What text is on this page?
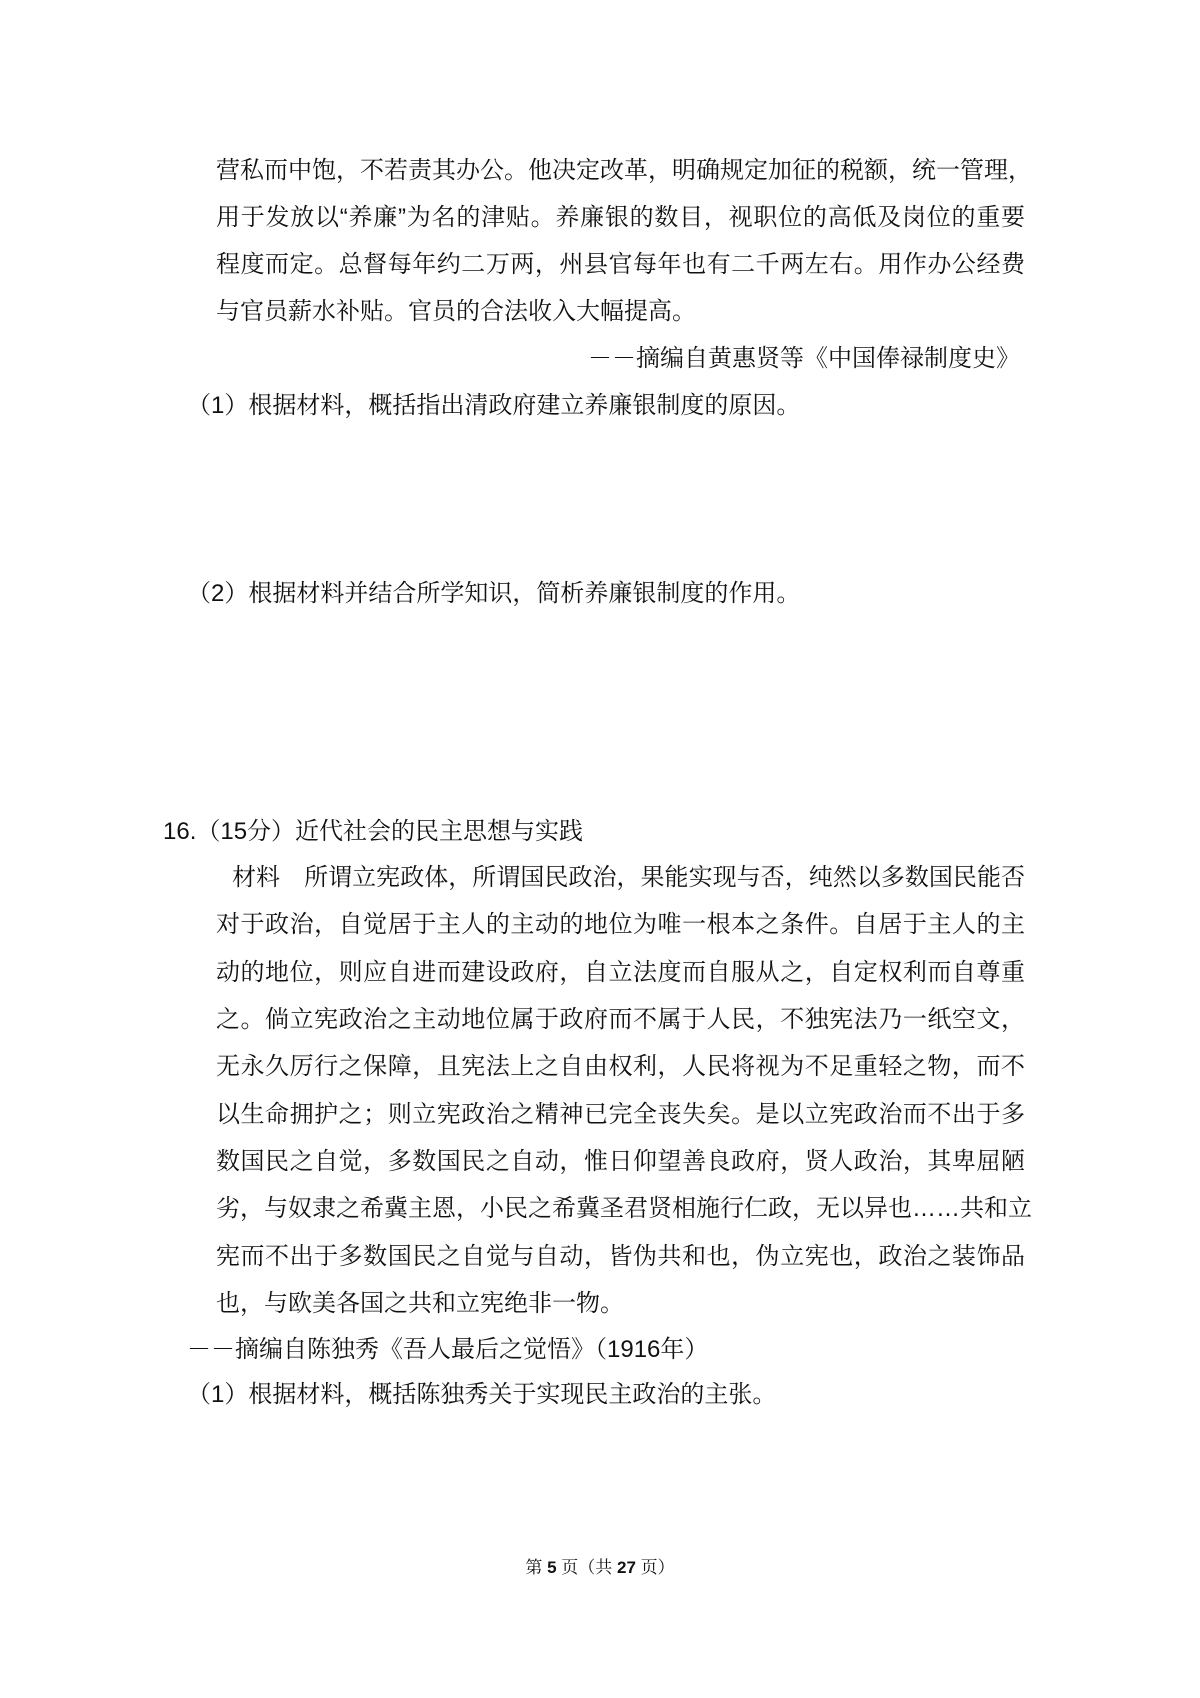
营私而中饱，不若责其办公。他决定改革，明确规定加征的税额，统一管理，
用于发放以“养廉”为名的津贴。养廉银的数目，视职位的高低及岗位的重要
程度而定。总督每年约二万两，州县官每年也有二千两左右。用作办公经费
与官员薪水补贴。官员的合法收入大幅提高。
－－摘编自黄惠贤等《中国俸禄制度史》
（1）根据材料，概括指出清政府建立养廉银制度的原因。
（2）根据材料并结合所学知识，简析养廉银制度的作用。
16.（15分）近代社会的民主思想与实践
材料　所谓立宪政体，所谓国民政治，果能实现与否，纯然以多数国民能否
对于政治，自觉居于主人的主动的地位为唯一根本之条件。自居于主人的主
动的地位，则应自进而建设政府，自立法度而自服从之，自定权利而自尊重
之。倘立宪政治之主动地位属于政府而不属于人民，不独宪法乃一纸空文，
无永久厉行之保障，且宪法上之自由权利，人民将视为不足重轻之物，而不
以生命拥护之；则立宪政治之精神已完全丧失矣。是以立宪政治而不出于多
数国民之自觉，多数国民之自动，惟日仰望善良政府，贤人政治，其卑屈陋
劣，与奴隶之希冀主恩，小民之希冀圣君贤相施行仁政，无以异也……共和立
宪而不出于多数国民之自觉与自动，皆伪共和也，伪立宪也，政治之装饰品
也，与欧美各国之共和立宪绝非一物。
－－摘编自陈独秀《吾人最后之觉悟》（1916年）
（1）根据材料，概括陈独秀关于实现民主政治的主张。
第 5 页（共 27 页）
